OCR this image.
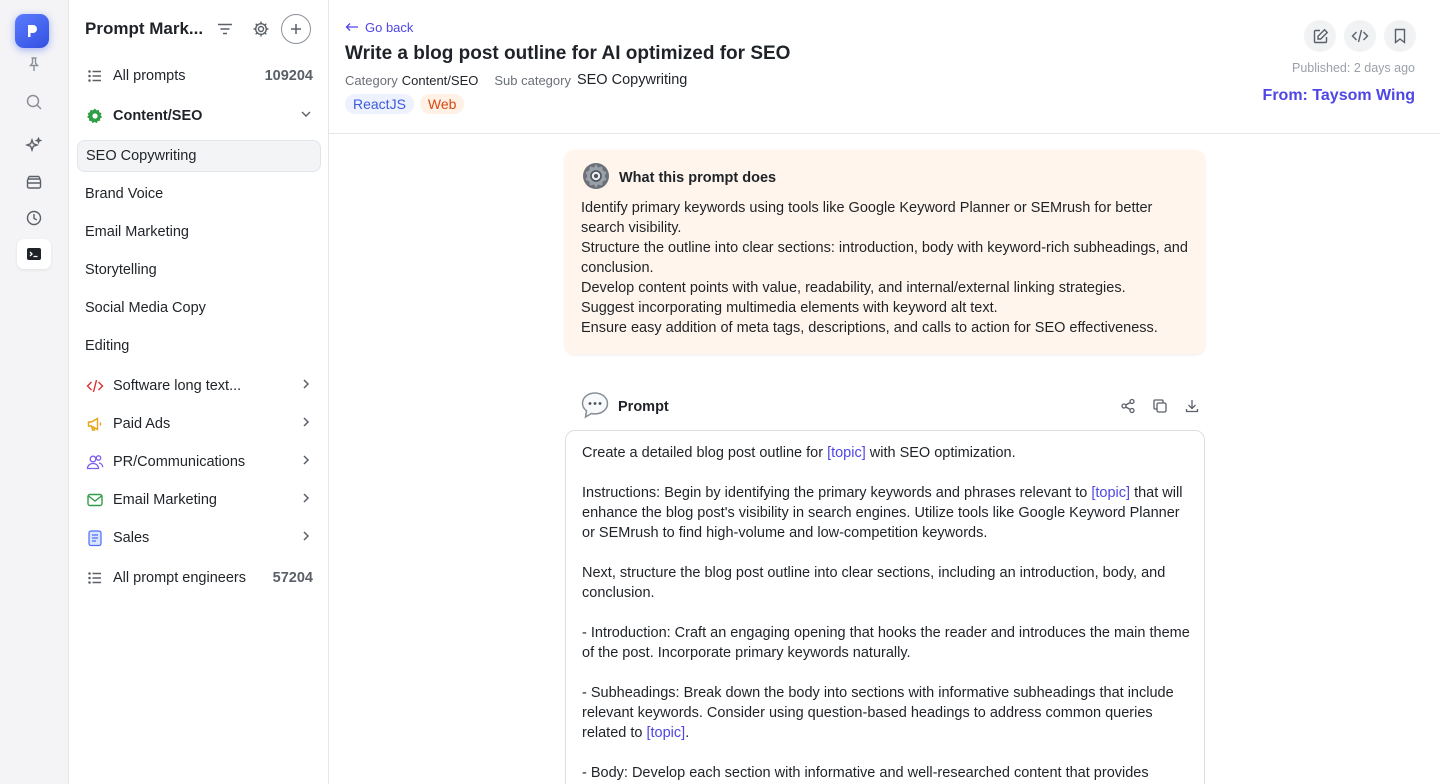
Prompt Mark...
All prompts	109204
Content/SEO
SEO Copywriting
Brand Voice
Email Marketing
Storytelling
Social Media Copy
Editing
Software long text...
Paid Ads
PR/Communications
Email Marketing
Sales
All prompt engineers	57204
Go back
Write a blog post outline for AI optimized for SEO
Category Content/SEO Sub category SEO Copywriting
ReactJS	Web
Published: 2 days ago
From: Taysom Wing
What this prompt does
Identify primary keywords using tools like Google Keyword Planner or SEMrush for better search visibility.
Structure the outline into clear sections: introduction, body with keyword-rich subheadings, and conclusion.
Develop content points with value, readability, and internal/external linking strategies.
Suggest incorporating multimedia elements with keyword alt text.
Ensure easy addition of meta tags, descriptions, and calls to action for SEO effectiveness.
Prompt

Create a detailed blog post outline for [topic] with SEO optimization.

Instructions: Begin by identifying the primary keywords and phrases relevant to [topic] that will enhance the blog post's visibility in search engines. Utilize tools like Google Keyword Planner or SEMrush to find high-volume and low-competition keywords.

Next, structure the blog post outline into clear sections, including an introduction, body, and conclusion.

- Introduction: Craft an engaging opening that hooks the reader and introduces the main theme of the post. Incorporate primary keywords naturally.

- Subheadings: Break down the body into sections with informative subheadings that include relevant keywords. Consider using question-based headings to address common queries related to [topic].

- Body: Develop each section with informative and well-researched content that provides
